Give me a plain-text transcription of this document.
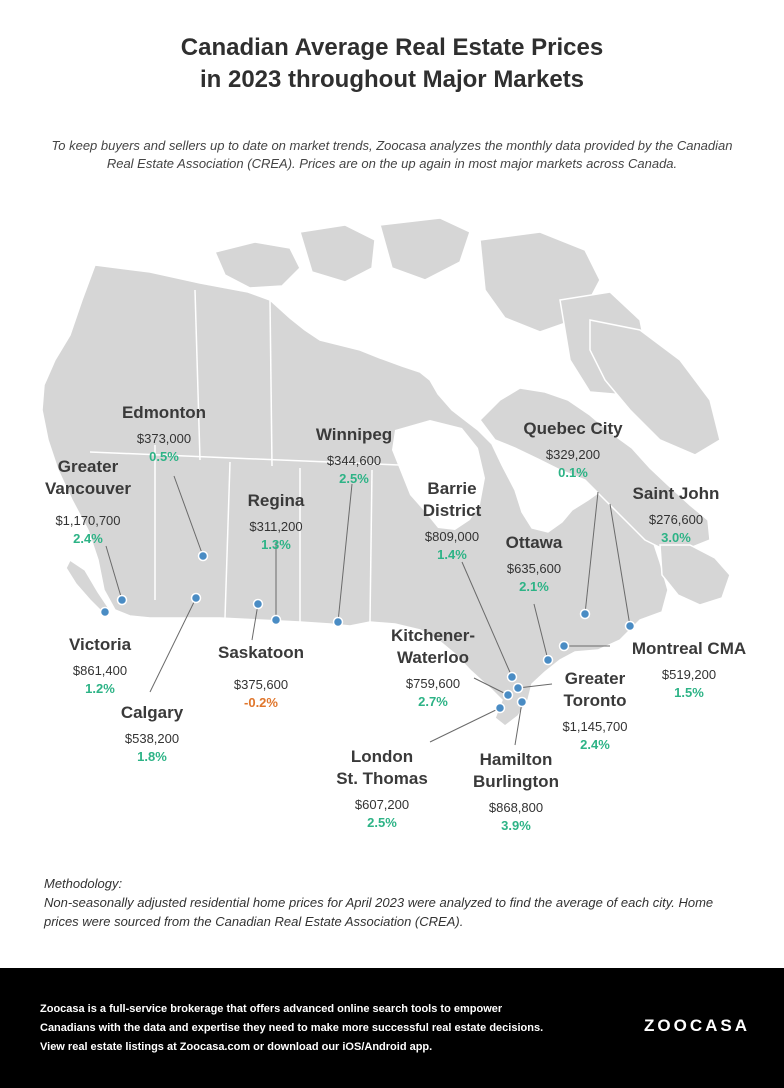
Canadian Average Real Estate Prices
in 2023 throughout Major Markets
To keep buyers and sellers up to date on market trends, Zoocasa analyzes the monthly data provided by the Canadian Real Estate Association (CREA). Prices are on the up again in most major markets across Canada.
Edmonton
$373,000
0.5%
Greater
Vancouver
$1,170,700
2.4%
Victoria
$861,400
1.2%
Calgary
$538,200
1.8%
Regina
$311,200
1.3%
Saskatoon
$375,600
-0.2%
Winnipeg
$344,600
2.5%
Barrie
District
$809,000
1.4%
Ottawa
$635,600
2.1%
Quebec City
$329,200
0.1%
Saint John
$276,600
3.0%
Montreal CMA
$519,200
1.5%
Kitchener-
Waterloo
$759,600
2.7%
Greater
Toronto
$1,145,700
2.4%
London
St. Thomas
$607,200
2.5%
Hamilton
Burlington
$868,800
3.9%
Methodology:
Non-seasonally adjusted residential home prices for April 2023 were analyzed to find the average of each city. Home prices were sourced from the Canadian Real Estate Association (CREA).
Zoocasa is a full-service brokerage that offers advanced online search tools to empower
Canadians with the data and expertise they need to make more successful real estate decisions.
View real estate listings at Zoocasa.com or download our iOS/Android app.
ZOOCASA
